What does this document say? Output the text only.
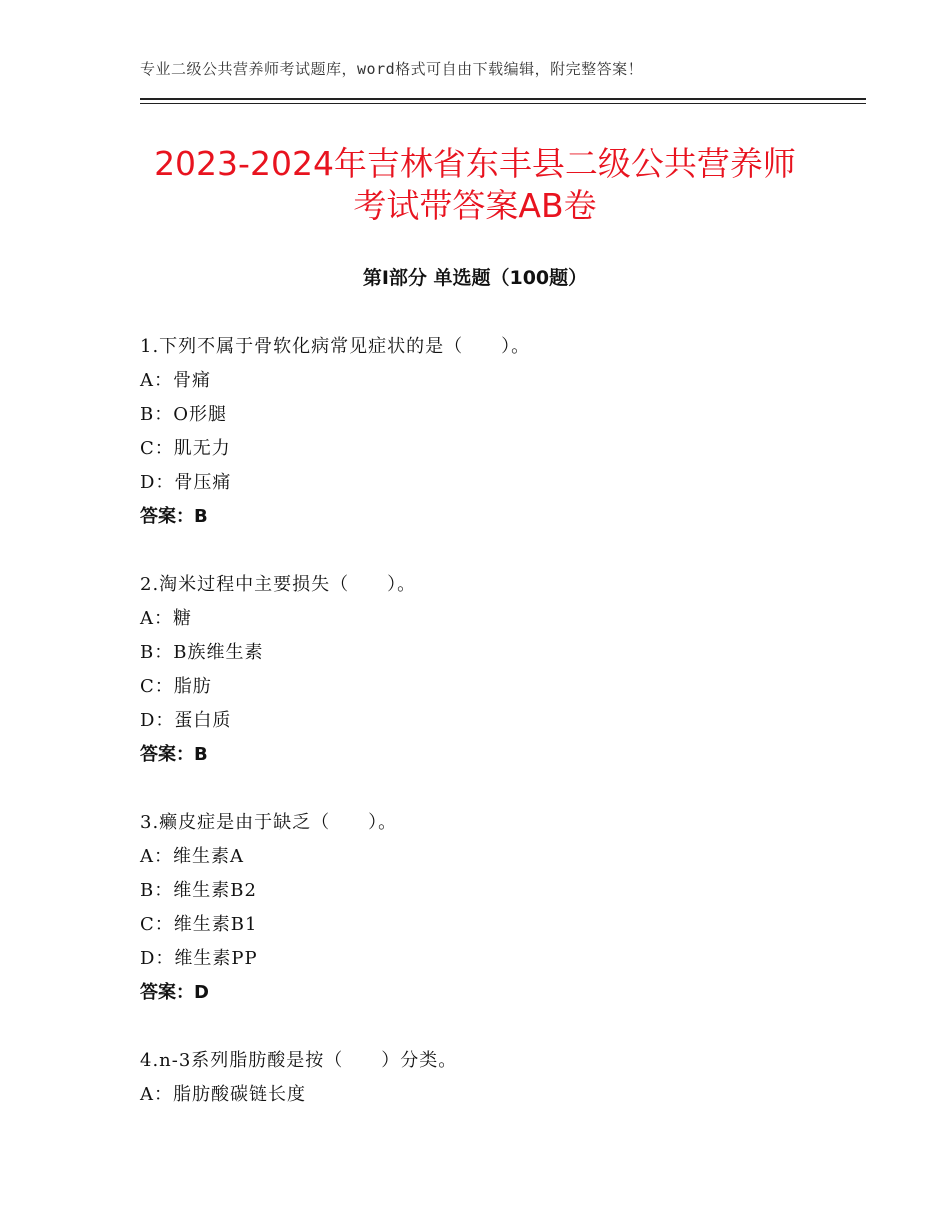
专业二级公共营养师考试题库，word格式可自由下载编辑，附完整答案！
2023-2024年吉林省东丰县二级公共营养师
考试带答案AB卷
第Ⅰ部分 单选题（100题）
1.下列不属于骨软化病常见症状的是（　　）。
A：骨痛
B：O形腿
C：肌无力
D：骨压痛
答案：B
2.淘米过程中主要损失（　　）。
A：糖
B：B族维生素
C：脂肪
D：蛋白质
答案：B
3.癞皮症是由于缺乏（　　）。
A：维生素A
B：维生素B2
C：维生素B1
D：维生素PP
答案：D
4.n-3系列脂肪酸是按（　　）分类。
A：脂肪酸碳链长度
